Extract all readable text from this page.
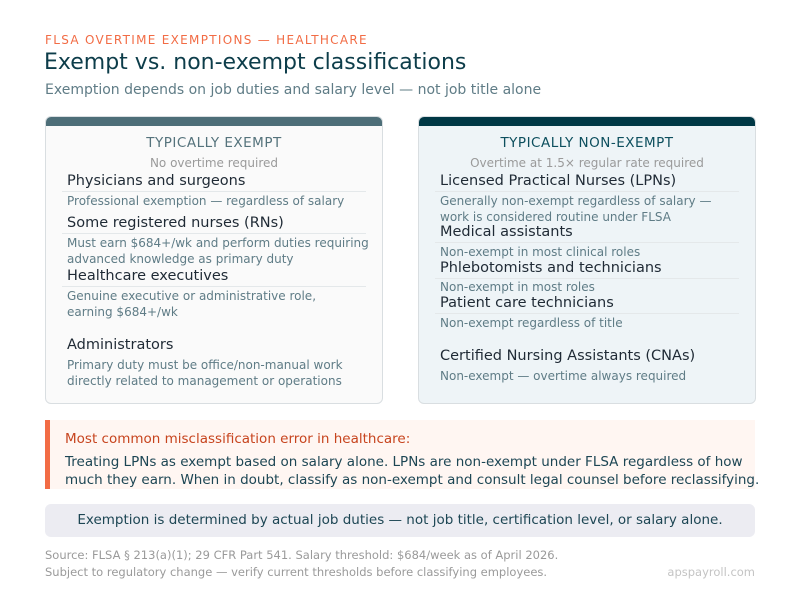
FLSA OVERTIME EXEMPTIONS — HEALTHCARE
Exempt vs. non-exempt classifications
Exemption depends on job duties and salary level — not job title alone
TYPICALLY EXEMPT
No overtime required
Physicians and surgeons
Professional exemption — regardless of salary
Some registered nurses (RNs)
Must earn $684+/wk and perform duties requiring
advanced knowledge as primary duty
Healthcare executives
Genuine executive or administrative role,
earning $684+/wk
Administrators
Primary duty must be office/non-manual work
directly related to management or operations
TYPICALLY NON-EXEMPT
Overtime at 1.5× regular rate required
Licensed Practical Nurses (LPNs)
Generally non-exempt regardless of salary —
work is considered routine under FLSA
Medical assistants
Non-exempt in most clinical roles
Phlebotomists and technicians
Non-exempt in most roles
Patient care technicians
Non-exempt regardless of title
Certified Nursing Assistants (CNAs)
Non-exempt — overtime always required
Most common misclassification error in healthcare:
Treating LPNs as exempt based on salary alone. LPNs are non-exempt under FLSA regardless of how
much they earn. When in doubt, classify as non-exempt and consult legal counsel before reclassifying.
Exemption is determined by actual job duties — not job title, certification level, or salary alone.
Source: FLSA § 213(a)(1); 29 CFR Part 541. Salary threshold: $684/week as of April 2026.
Subject to regulatory change — verify current thresholds before classifying employees.	apspayroll.com
